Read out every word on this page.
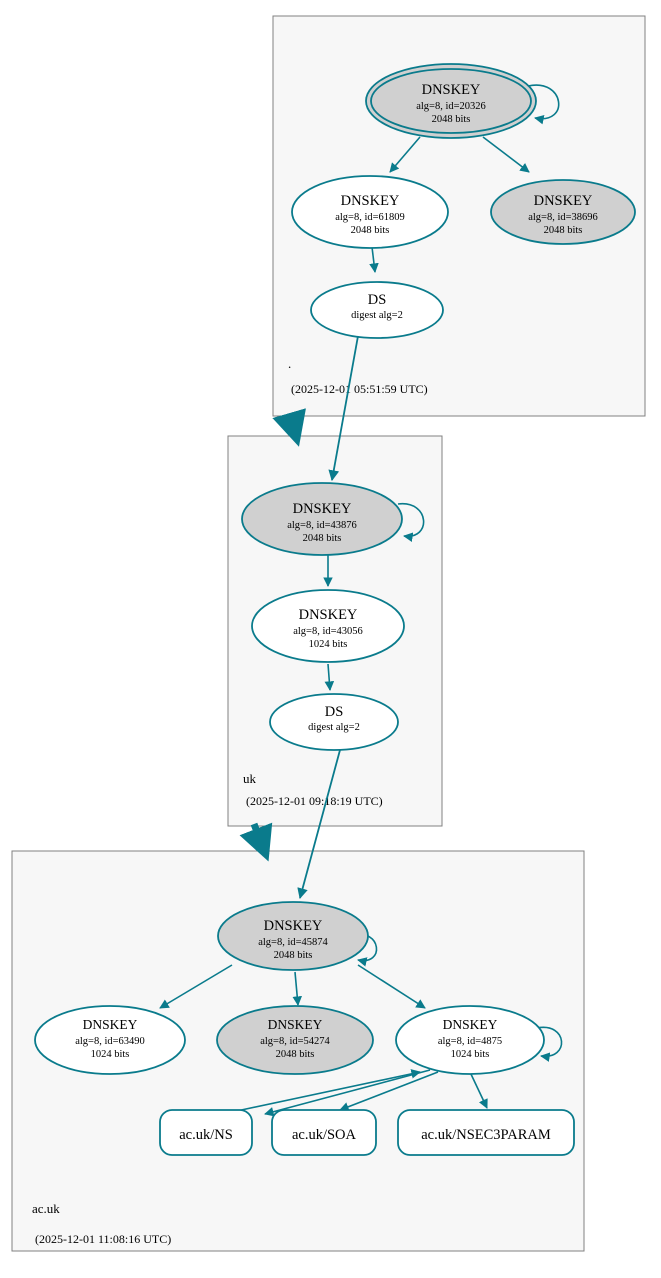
DNSKEY
alg=8, id=20326
2048 bits
DNSKEY
alg=8, id=61809
2048 bits
DNSKEY
alg=8, id=38696
2048 bits
DS
digest alg=2
.
(2025-12-01 05:51:59 UTC)
DNSKEY
alg=8, id=43876
2048 bits
DNSKEY
alg=8, id=43056
1024 bits
DS
digest alg=2
uk
(2025-12-01 09:18:19 UTC)
DNSKEY
alg=8, id=45874
2048 bits
DNSKEY
alg=8, id=63490
1024 bits
DNSKEY
alg=8, id=54274
2048 bits
DNSKEY
alg=8, id=4875
1024 bits
ac.uk/NS	ac.uk/SOA	ac.uk/NSEC3PARAM
ac.uk
(2025-12-01 11:08:16 UTC)
